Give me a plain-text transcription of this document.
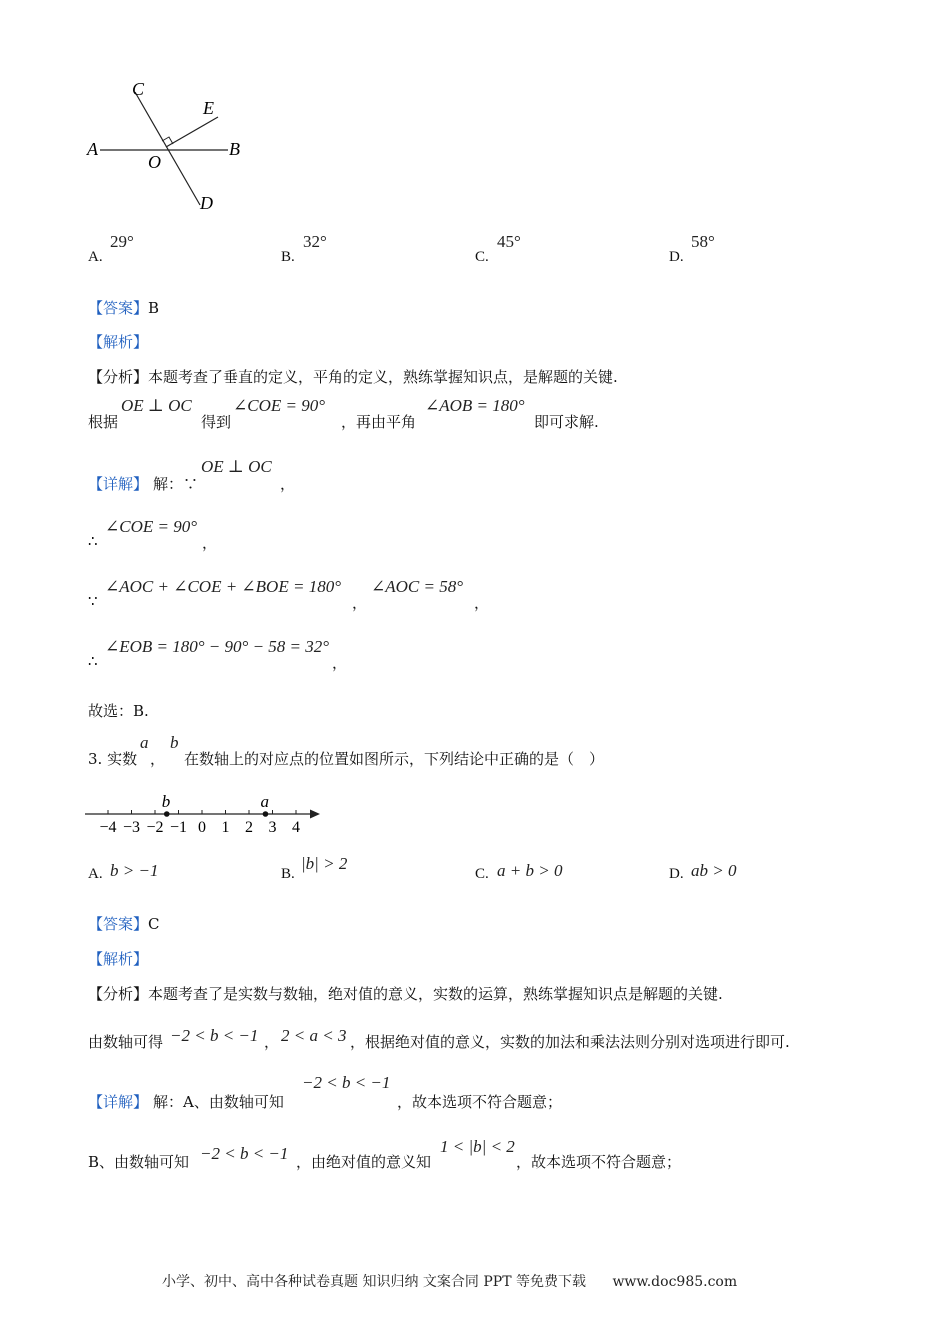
A	B
C
D
E
O
A.
29°
B.
32°
C.
45°
D.
58°
【答案】B
【解析】
【分析】本题考查了垂直的定义，平角的定义，熟练掌握知识点，是解题的关键.
根据
OE ⊥ OC
得到
∠COE = 90°
，再由平角
∠AOB = 180°
即可求解.
【详解】 解：∵
OE ⊥ OC
，
∴
∠COE = 90°
，
∵
∠AOC + ∠COE + ∠BOE = 180°
，
∠AOC = 58°
，
∴
∠EOB = 180° − 90° − 58 = 32°
，
故选：B.
3. 实数
a
，
b
在数轴上的对应点的位置如图所示，下列结论中正确的是（　）
−4 −3 −2 −1 0 1 2 3 4
b	a
A. b > −1	B.
|b| > 2
C. a + b > 0	D. ab > 0
【答案】C
【解析】
【分析】本题考查了是实数与数轴，绝对值的意义，实数的运算，熟练掌握知识点是解题的关键.
由数轴可得 −2 < b < −1 ， 2 < a < 3 ，根据绝对值的意义，实数的加法和乘法法则分别对选项进行即可.
【详解】 解：A、由数轴可知
−2 < b < −1
，故本选项不符合题意；
B、由数轴可知 −2 < b < −1 ，由绝对值的意义知
1 < |b| < 2
，故本选项不符合题意；
小学、初中、高中各种试卷真题 知识归纳 文案合同 PPT 等免费下载 www.doc985.com
